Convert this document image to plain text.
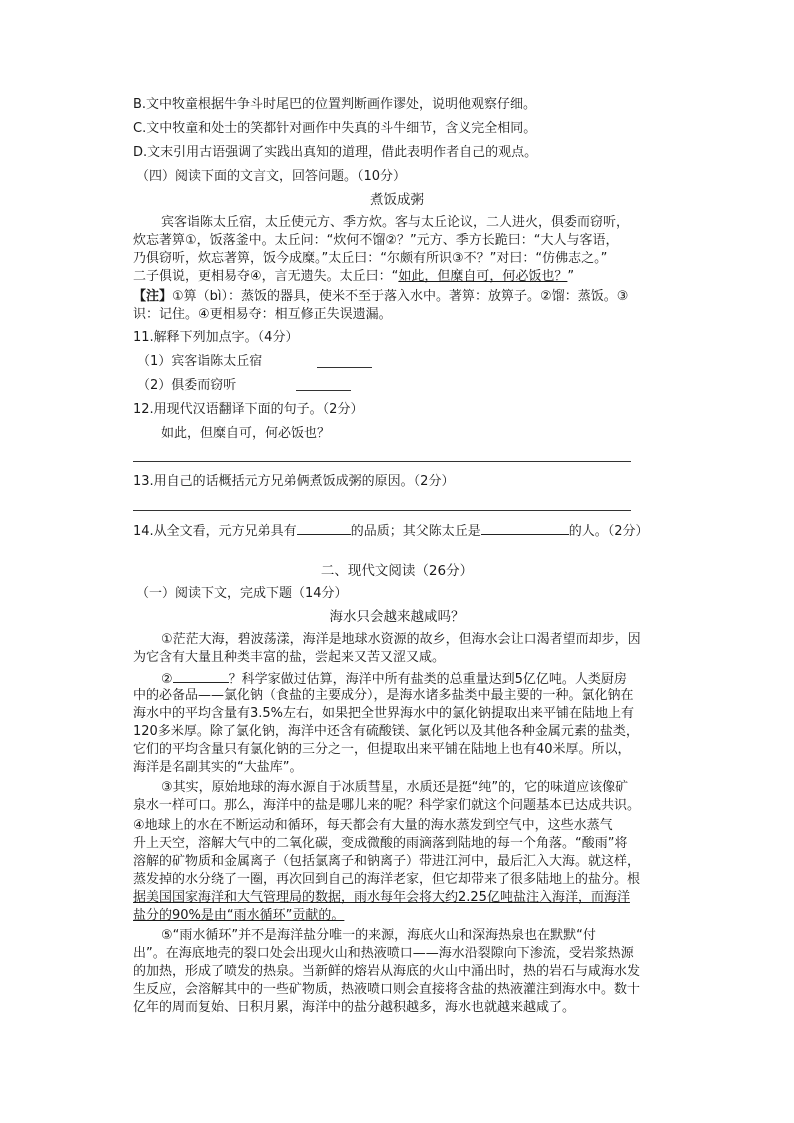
B.文中牧童根据牛争斗时尾巴的位置判断画作谬处，说明他观察仔细。
C.文中牧童和处士的笑都针对画作中失真的斗牛细节，含义完全相同。
D.文末引用古语强调了实践出真知的道理，借此表明作者自己的观点。
（四）阅读下面的文言文，回答问题。（10分）
煮饭成粥
宾客诣陈太丘宿，太丘使元方、季方炊。客与太丘论议，二人进火，俱委而窃听，
炊忘著箅①，饭落釜中。太丘问：“炊何不馏②？”元方、季方长跪曰：“大人与客语，
乃俱窃听，炊忘著箅，饭今成糜。”太丘曰：“尔颇有所识③不？”对曰：“仿佛志之。”
二子俱说，更相易夺④，言无遗失。太丘曰：“如此，但糜自可，何必饭也？”
【注】①箅（bì）：蒸饭的器具，使米不至于落入水中。著箅：放箅子。②馏：蒸饭。③
识：记住。④更相易夺：相互修正失误遗漏。
11.解释下列加点字。（4分）
（1）宾客诣陈太丘宿
（2）俱委而窃听
12.用现代汉语翻译下面的句子。（2分）
如此，但糜自可，何必饭也？
13.用自己的话概括元方兄弟俩煮饭成粥的原因。（2分）
14.从全文看，元方兄弟具有	的品质；其父陈太丘是	的人。（2分）
二、现代文阅读（26分）
（一）阅读下文，完成下题（14分）
海水只会越来越咸吗？
①茫茫大海，碧波荡漾，海洋是地球水资源的故乡，但海水会让口渴者望而却步，因
为它含有大量且种类丰富的盐，尝起来又苦又涩又咸。
②	？科学家做过估算，海洋中所有盐类的总重量达到5亿亿吨。人类厨房
中的必备品——氯化钠（食盐的主要成分），是海水诸多盐类中最主要的一种。氯化钠在
海水中的平均含量有3.5%左右，如果把全世界海水中的氯化钠提取出来平铺在陆地上有
120多米厚。除了氯化钠，海洋中还含有硫酸镁、氯化钙以及其他各种金属元素的盐类，
它们的平均含量只有氯化钠的三分之一，但提取出来平铺在陆地上也有40米厚。所以，
海洋是名副其实的“大盐库”。
③其实，原始地球的海水源自于冰质彗星，水质还是挺“纯”的，它的味道应该像矿
泉水一样可口。那么，海洋中的盐是哪儿来的呢？科学家们就这个问题基本已达成共识。
④地球上的水在不断运动和循环，每天都会有大量的海水蒸发到空气中，这些水蒸气
升上天空，溶解大气中的二氧化碳，变成微酸的雨滴落到陆地的每一个角落。“酸雨”将
溶解的矿物质和金属离子（包括氯离子和钠离子）带进江河中，最后汇入大海。就这样，
蒸发掉的水分绕了一圈，再次回到自己的海洋老家，但它却带来了很多陆地上的盐分。根
据美国国家海洋和大气管理局的数据，雨水每年会将大约2.25亿吨盐注入海洋，而海洋
盐分的90%是由“雨水循环”贡献的。
⑤“雨水循环”并不是海洋盐分唯一的来源，海底火山和深海热泉也在默默“付
出”。在海底地壳的裂口处会出现火山和热液喷口——海水沿裂隙向下渗流，受岩浆热源
的加热，形成了喷发的热泉。当新鲜的熔岩从海底的火山中涌出时，热的岩石与咸海水发
生反应，会溶解其中的一些矿物质，热液喷口则会直接将含盐的热液灌注到海水中。数十
亿年的周而复始、日积月累，海洋中的盐分越积越多，海水也就越来越咸了。
